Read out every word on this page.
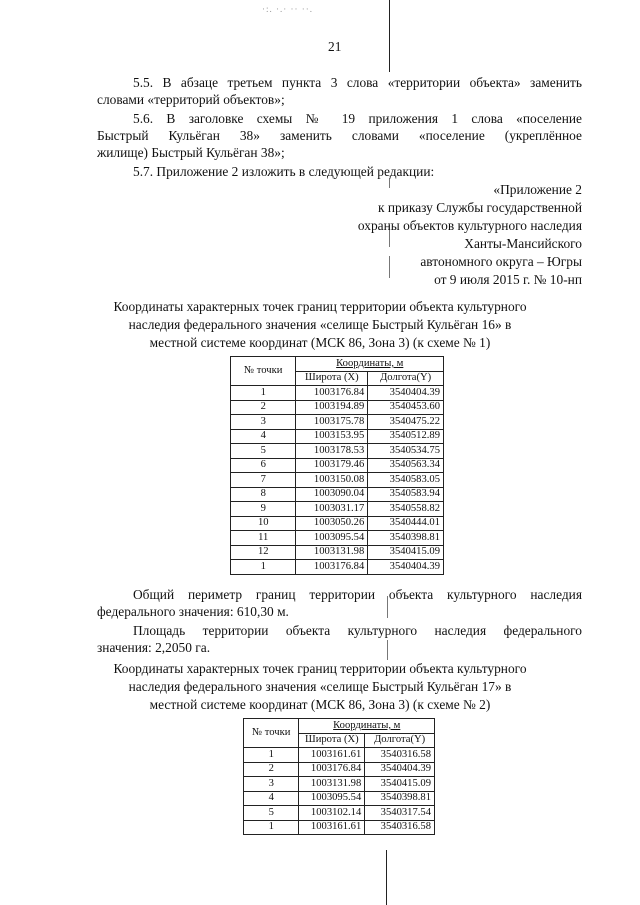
·:. ·.· ·· ··.
21
5.5. В абзаце третьем пункта 3 слова «территории объекта» заменить
словами «территорий объектов»;
5.6. В заголовке схемы № 19 приложения 1 слова «поселение
Быстрый Кульёган 38» заменить словами «поселение (укреплённое
жилище) Быстрый Кульёган 38»;
5.7. Приложение 2 изложить в следующей редакции:
«Приложение 2
к приказу Службы государственной
охраны объектов культурного наследия
Ханты-Мансийского
автономного округа – Югры
от 9 июля 2015 г. № 10-нп
Координаты характерных точек границ территории объекта культурного
наследия федерального значения «селище Быстрый Кульёган 16» в
местной системе координат (МСК 86, Зона 3) (к схеме № 1)
№ точки	Координаты, м	
	Широта (X)	Долгота(Y)
1	1003176.84	3540404.39
2	1003194.89	3540453.60
3	1003175.78	3540475.22
4	1003153.95	3540512.89
5	1003178.53	3540534.75
6	1003179.46	3540563.34
7	1003150.08	3540583.05
8	1003090.04	3540583.94
9	1003031.17	3540558.82
10	1003050.26	3540444.01
11	1003095.54	3540398.81
12	1003131.98	3540415.09
1	1003176.84	3540404.39
Общий периметр границ территории объекта культурного наследия
федерального значения: 610,30 м.
Площадь территории объекта культурного наследия федерального
значения: 2,2050 га.
Координаты характерных точек границ территории объекта культурного
наследия федерального значения «селище Быстрый Кульёган 17» в
местной системе координат (МСК 86, Зона 3) (к схеме № 2)
№ точки	Координаты, м	
	Широта (X)	Долгота(Y)
1	1003161.61	3540316.58
2	1003176.84	3540404.39
3	1003131.98	3540415.09
4	1003095.54	3540398.81
5	1003102.14	3540317.54
1	1003161.61	3540316.58
